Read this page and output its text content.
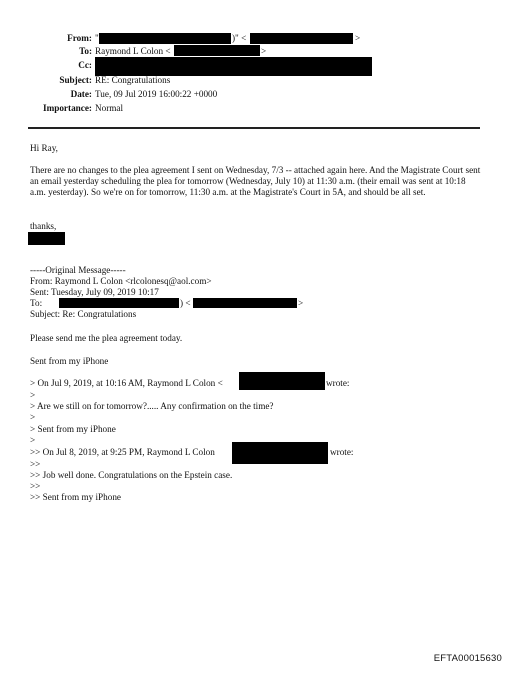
From: "	)" <	>
To: Raymond L Colon <	>
Cc:
Subject: RE: Congratulations
Date: Tue, 09 Jul 2019 16:00:22 +0000
Importance: Normal
Hi Ray,
There are no changes to the plea agreement I sent on Wednesday, 7/3 -- attached again here. And the Magistrate Court sent an email yesterday scheduling the plea for tomorrow (Wednesday, July 10) at 11:30 a.m. (their email was sent at 10:18 a.m. yesterday). So we're on for tomorrow, 11:30 a.m. at the Magistrate's Court in 5A, and should be all set.
thanks,
-----Original Message-----
From: Raymond L Colon <rlcolonesq@aol.com>
Sent: Tuesday, July 09, 2019 10:17
To:	) <	>
Subject: Re: Congratulations
Please send me the plea agreement today.
Sent from my iPhone
> On Jul 9, 2019, at 10:16 AM, Raymond L Colon <	wrote:
>
> Are we still on for tomorrow?..... Any confirmation on the time?
>
> Sent from my iPhone
>
>> On Jul 8, 2019, at 9:25 PM, Raymond L Colon	wrote:
>>
>> Job well done. Congratulations on the Epstein case.
>>
>> Sent from my iPhone
EFTA00015630
